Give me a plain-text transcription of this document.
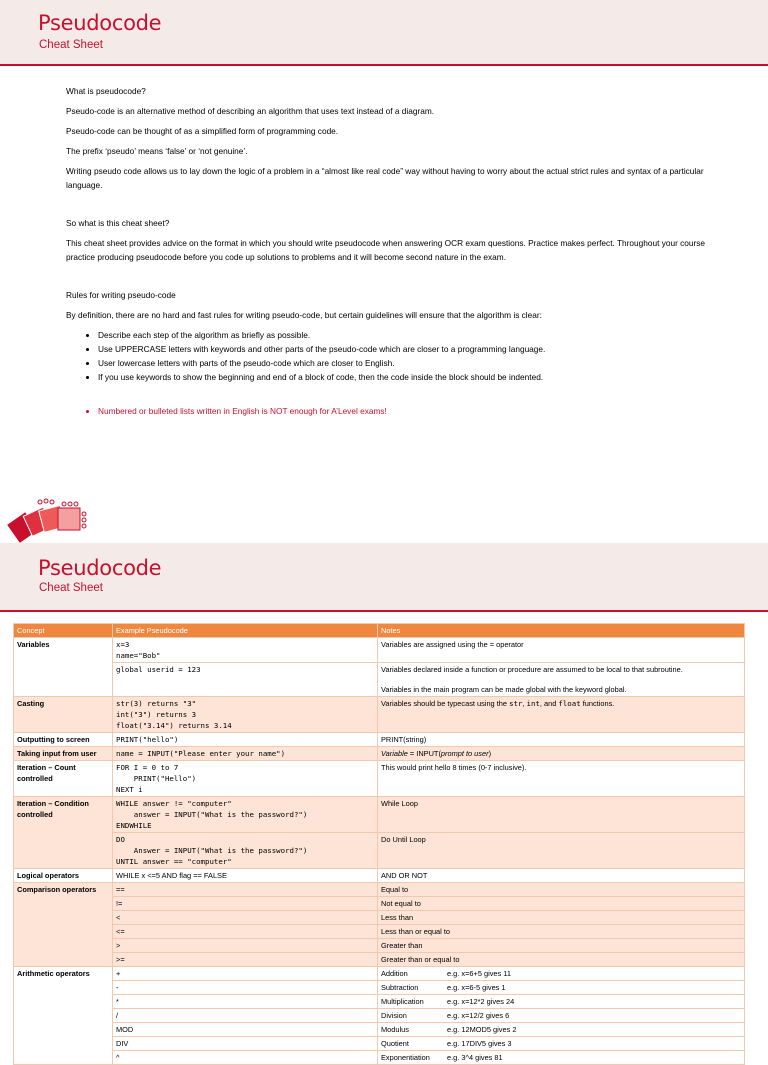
Pseudocode
Cheat Sheet

What is pseudocode?

Pseudo-code is an alternative method of describing an algorithm that uses text instead of a diagram.

Pseudo-code can be thought of as a simplified form of programming code.

The prefix ‘pseudo’ means ‘false’ or ‘not genuine’.

Writing pseudo code allows us to lay down the logic of a problem in a “almost like real code” way without having to worry about the actual strict rules and syntax of a particular language.

So what is this cheat sheet?

This cheat sheet provides advice on the format in which you should write pseudocode when answering OCR exam questions. Practice makes perfect. Throughout your course practice producing pseudocode before you code up solutions to problems and it will become second nature in the exam.

Rules for writing pseudo-code

By definition, there are no hard and fast rules for writing pseudo-code, but certain guidelines will ensure that the algorithm is clear:

• Describe each step of the algorithm as briefly as possible.
• Use UPPERCASE letters with keywords and other parts of the pseudo-code which are closer to a programming language.
• User lowercase letters with parts of the pseudo-code which are closer to English.
• If you use keywords to show the beginning and end of a block of code, then the code inside the block should be indented.
• Numbered or bulleted lists written in English is NOT enough for A’Level exams!
Pseudocode
Cheat Sheet
Concept	Example Pseudocode	Notes
Variables	x=3
name="Bob"	Variables are assigned using the = operator
	global userid = 123	Variables declared inside a function or procedure are assumed to be local to that subroutine.
Variables in the main program can be made global with the keyword global.

Casting	str(3) returns "3"
int("3") returns 3
float("3.14") returns 3.14	Variables should be typecast using the str, int, and float functions.
Outputting to screen	PRINT("hello")	PRINT(string)
Taking input from user	name = INPUT("Please enter your name")	Variable = INPUT(prompt to user)
Iteration – Count controlled	FOR I = 0 to 7
PRINT("Hello")
NEXT i	This would print hello 8 times (0-7 inclusive).
Iteration – Condition controlled	WHILE answer != "computer"
answer = INPUT("What is the password?")
ENDWHILE	While Loop
	DO
Answer = INPUT("What is the password?")
UNTIL answer == "computer"	Do Until Loop
Logical operators	WHILE x <=5 AND flag == FALSE	AND OR NOT
Comparison operators	==	Equal to
	!=	Not equal to
	<	Less than
	<=	Less than or equal to
	>	Greater than
	>=	Greater than or equal to
Arithmetic operators	+	Addition e.g. x=6+5 gives 11
	-	Subtraction e.g. x=6-5 gives 1
	*	Multiplication e.g. x=12*2 gives 24
	/	Division e.g. x=12/2 gives 6
	MOD	Modulus e.g. 12MOD5 gives 2
	DIV	Quotient e.g. 17DIV5 gives 3
	^	Exponentiation e.g. 3^4 gives 81
